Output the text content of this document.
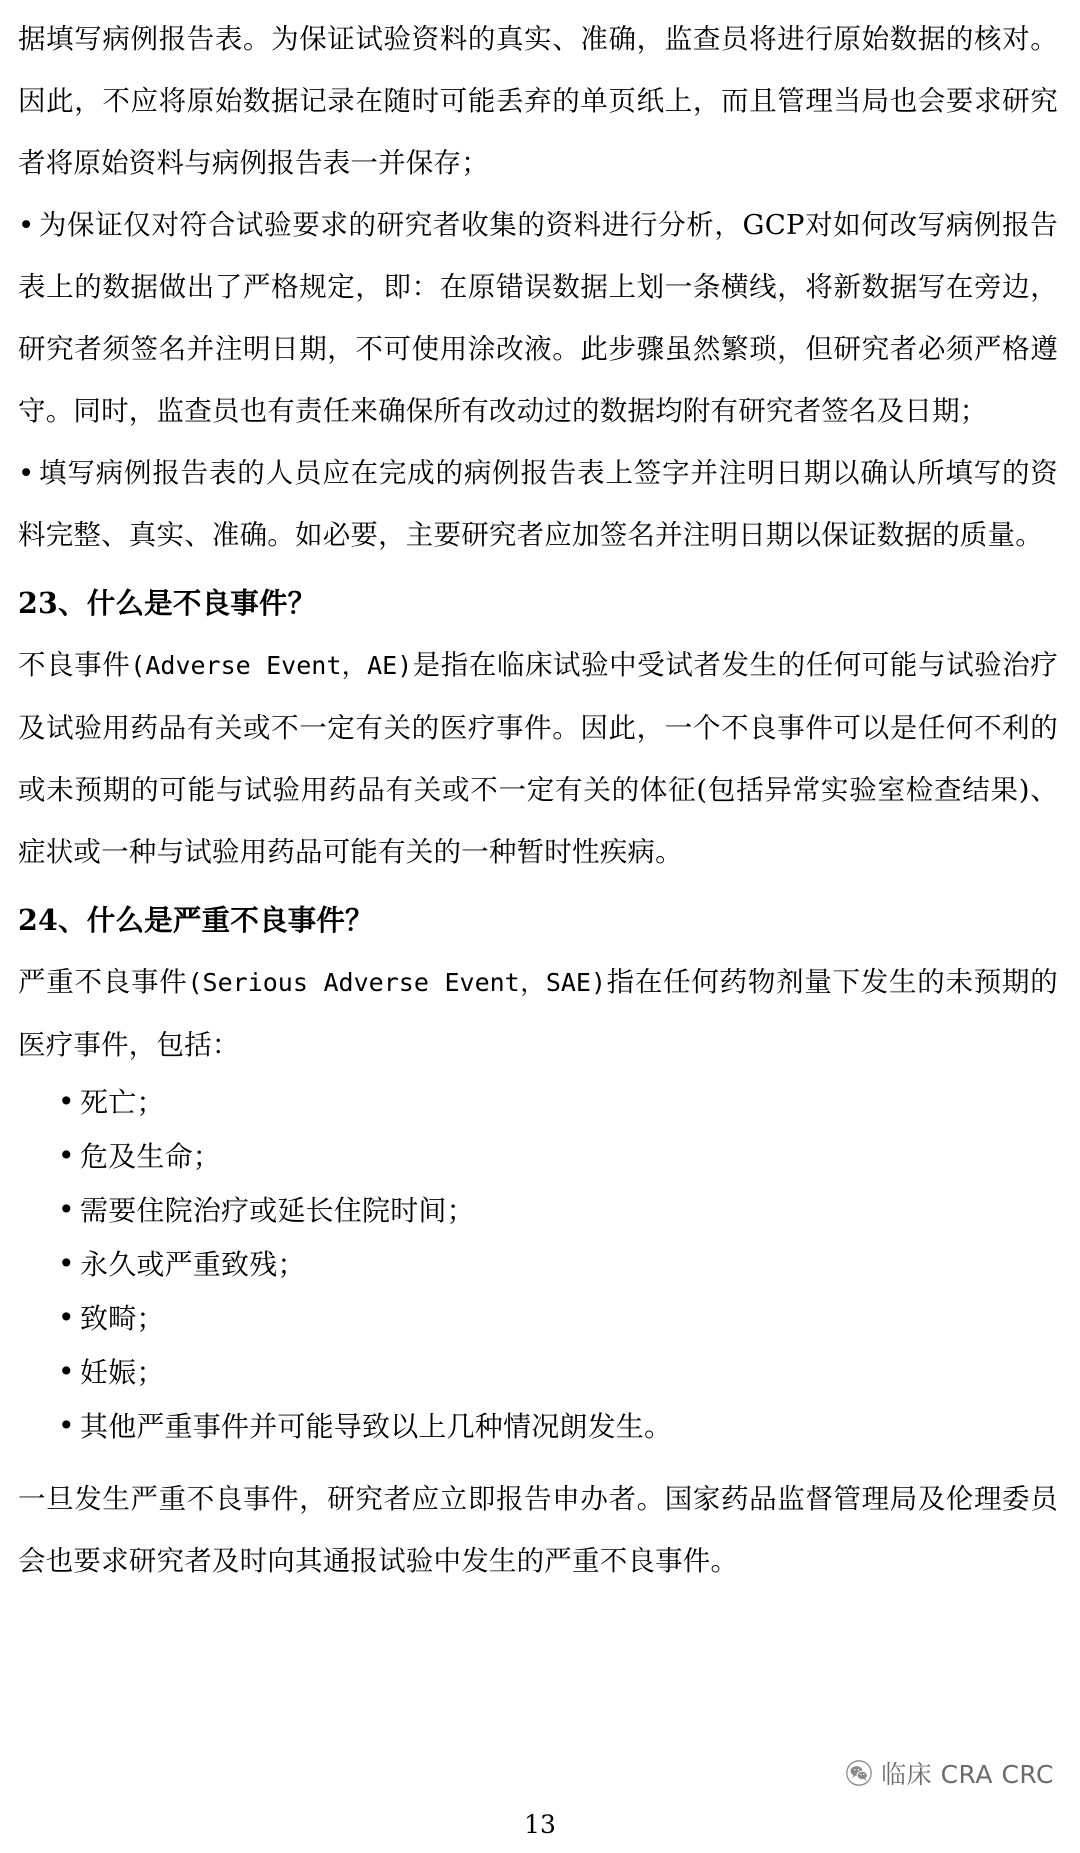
据填写病例报告表。为保证试验资料的真实、准确，监查员将进行原始数据的核对。因此，不应将原始数据记录在随时可能丢弃的单页纸上，而且管理当局也会要求研究者将原始资料与病例报告表一并保存；

• 为保证仅对符合试验要求的研究者收集的资料进行分析，GCP对如何改写病例报告表上的数据做出了严格规定，即：在原错误数据上划一条横线，将新数据写在旁边，研究者须签名并注明日期，不可使用涂改液。此步骤虽然繁琐，但研究者必须严格遵守。同时，监查员也有责任来确保所有改动过的数据均附有研究者签名及日期；

• 填写病例报告表的人员应在完成的病例报告表上签字并注明日期以确认所填写的资料完整、真实、准确。如必要，主要研究者应加签名并注明日期以保证数据的质量。

23、什么是不良事件？

不良事件(Adverse Event，AE)是指在临床试验中受试者发生的任何可能与试验治疗及试验用药品有关或不一定有关的医疗事件。因此，一个不良事件可以是任何不利的或未预期的可能与试验用药品有关或不一定有关的体征(包括异常实验室检查结果)、症状或一种与试验用药品可能有关的一种暂时性疾病。

24、什么是严重不良事件？

严重不良事件(Serious Adverse Event，SAE)指在任何药物剂量下发生的未预期的医疗事件，包括：

• 死亡；
• 危及生命；
• 需要住院治疗或延长住院时间；
• 永久或严重致残；
• 致畸；
• 妊娠；
• 其他严重事件并可能导致以上几种情况朗发生。

一旦发生严重不良事件，研究者应立即报告申办者。国家药品监督管理局及伦理委员会也要求研究者及时向其通报试验中发生的严重不良事件。

临床 CRA CRC
13
